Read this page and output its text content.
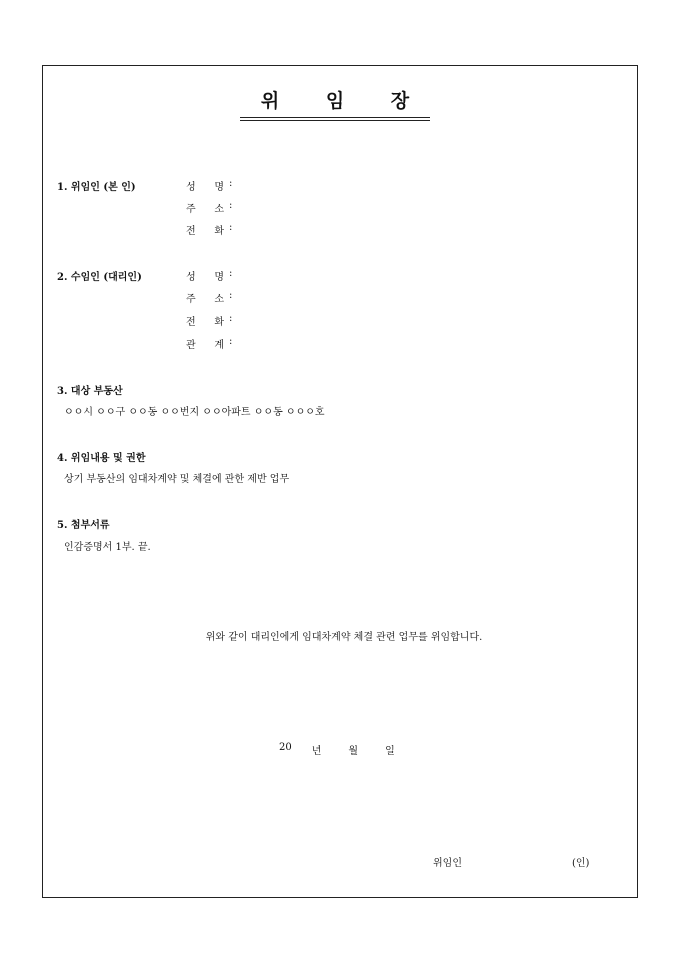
위 임 장
1. 위임인 (본 인)	성 명 :
주 소 :
전 화 :
2. 수임인 (대리인)	성 명 :
주 소 :
전 화 :
관 계 :
3. 대상 부동산
ㅇㅇ시 ㅇㅇ구 ㅇㅇ동 ㅇㅇ번지 ㅇㅇ아파트 ㅇㅇ동 ㅇㅇㅇ호
4. 위임내용 및 권한
상기 부동산의 임대차계약 및 체결에 관한 제반 업무
5. 첨부서류
인감증명서 1부. 끝.
위와 같이 대리인에게 임대차계약 체결 관련 업무를 위임합니다.
20 년	월	일
위임인	(인)
